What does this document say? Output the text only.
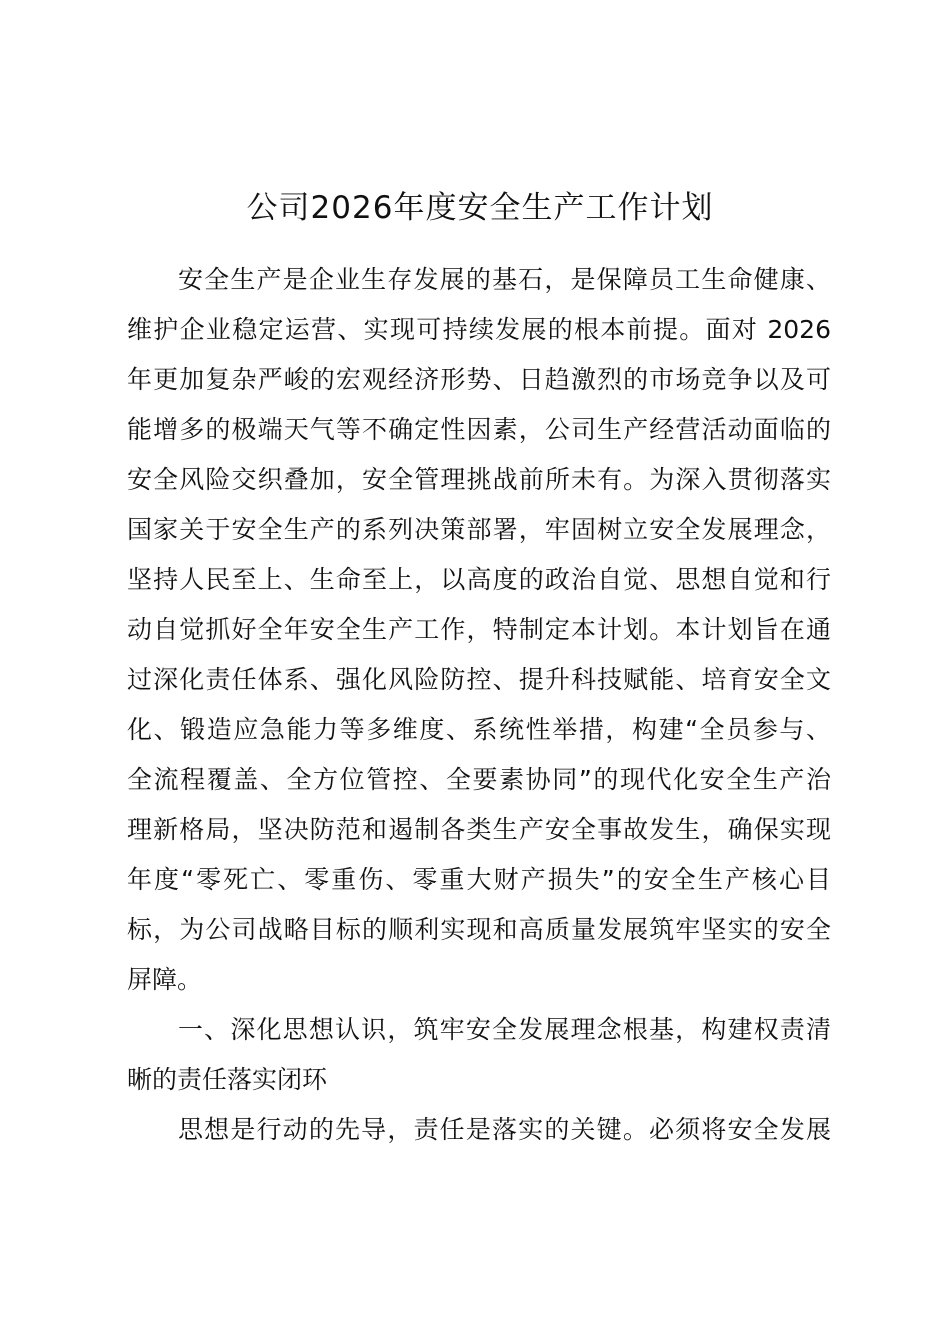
公司2026年度安全生产工作计划
安全生产是企业生存发展的基石，是保障员工生命健康、
维护企业稳定运营、实现可持续发展的根本前提。面对 2026
年更加复杂严峻的宏观经济形势、日趋激烈的市场竞争以及可
能增多的极端天气等不确定性因素，公司生产经营活动面临的
安全风险交织叠加，安全管理挑战前所未有。为深入贯彻落实
国家关于安全生产的系列决策部署，牢固树立安全发展理念，
坚持人民至上、生命至上，以高度的政治自觉、思想自觉和行
动自觉抓好全年安全生产工作，特制定本计划。本计划旨在通
过深化责任体系、强化风险防控、提升科技赋能、培育安全文
化、锻造应急能力等多维度、系统性举措，构建“全员参与、
全流程覆盖、全方位管控、全要素协同”的现代化安全生产治
理新格局，坚决防范和遏制各类生产安全事故发生，确保实现
年度“零死亡、零重伤、零重大财产损失”的安全生产核心目
标，为公司战略目标的顺利实现和高质量发展筑牢坚实的安全
屏障。
一、深化思想认识，筑牢安全发展理念根基，构建权责清
晰的责任落实闭环
思想是行动的先导，责任是落实的关键。必须将安全发展
